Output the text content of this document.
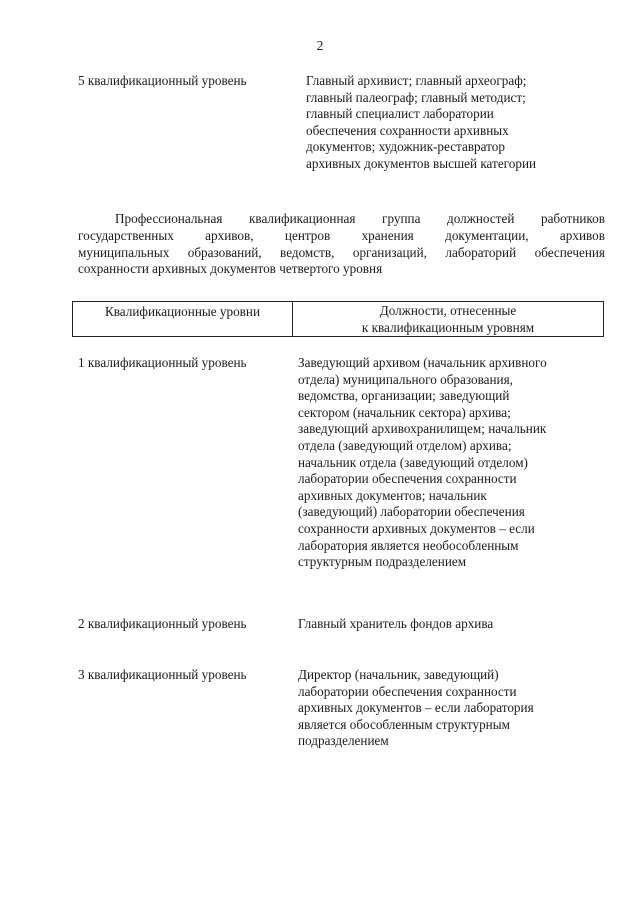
2
5 квалификационный уровень	Главный архивист; главный археограф;
главный палеограф; главный методист;
главный специалист лаборатории
обеспечения сохранности архивных
документов; художник-реставратор
архивных документов высшей категории
Профессиональная квалификационная группа должностей работников
государственных архивов, центров хранения документации, архивов
муниципальных образований, ведомств, организаций, лабораторий обеспечения
сохранности архивных документов четвертого уровня
Квалификационные уровни	Должности, отнесенные
к квалификационным уровням
1 квалификационный уровень	Заведующий архивом (начальник архивного
отдела) муниципального образования,
ведомства, организации; заведующий
сектором (начальник сектора) архива;
заведующий архивохранилищем; начальник
отдела (заведующий отделом) архива;
начальник отдела (заведующий отделом)
лаборатории обеспечения сохранности
архивных документов; начальник
(заведующий) лаборатории обеспечения
сохранности архивных документов – если
лаборатория является необособленным
структурным подразделением
2 квалификационный уровень	Главный хранитель фондов архива
3 квалификационный уровень	Директор (начальник, заведующий)
лаборатории обеспечения сохранности
архивных документов – если лаборатория
является обособленным структурным
подразделением
